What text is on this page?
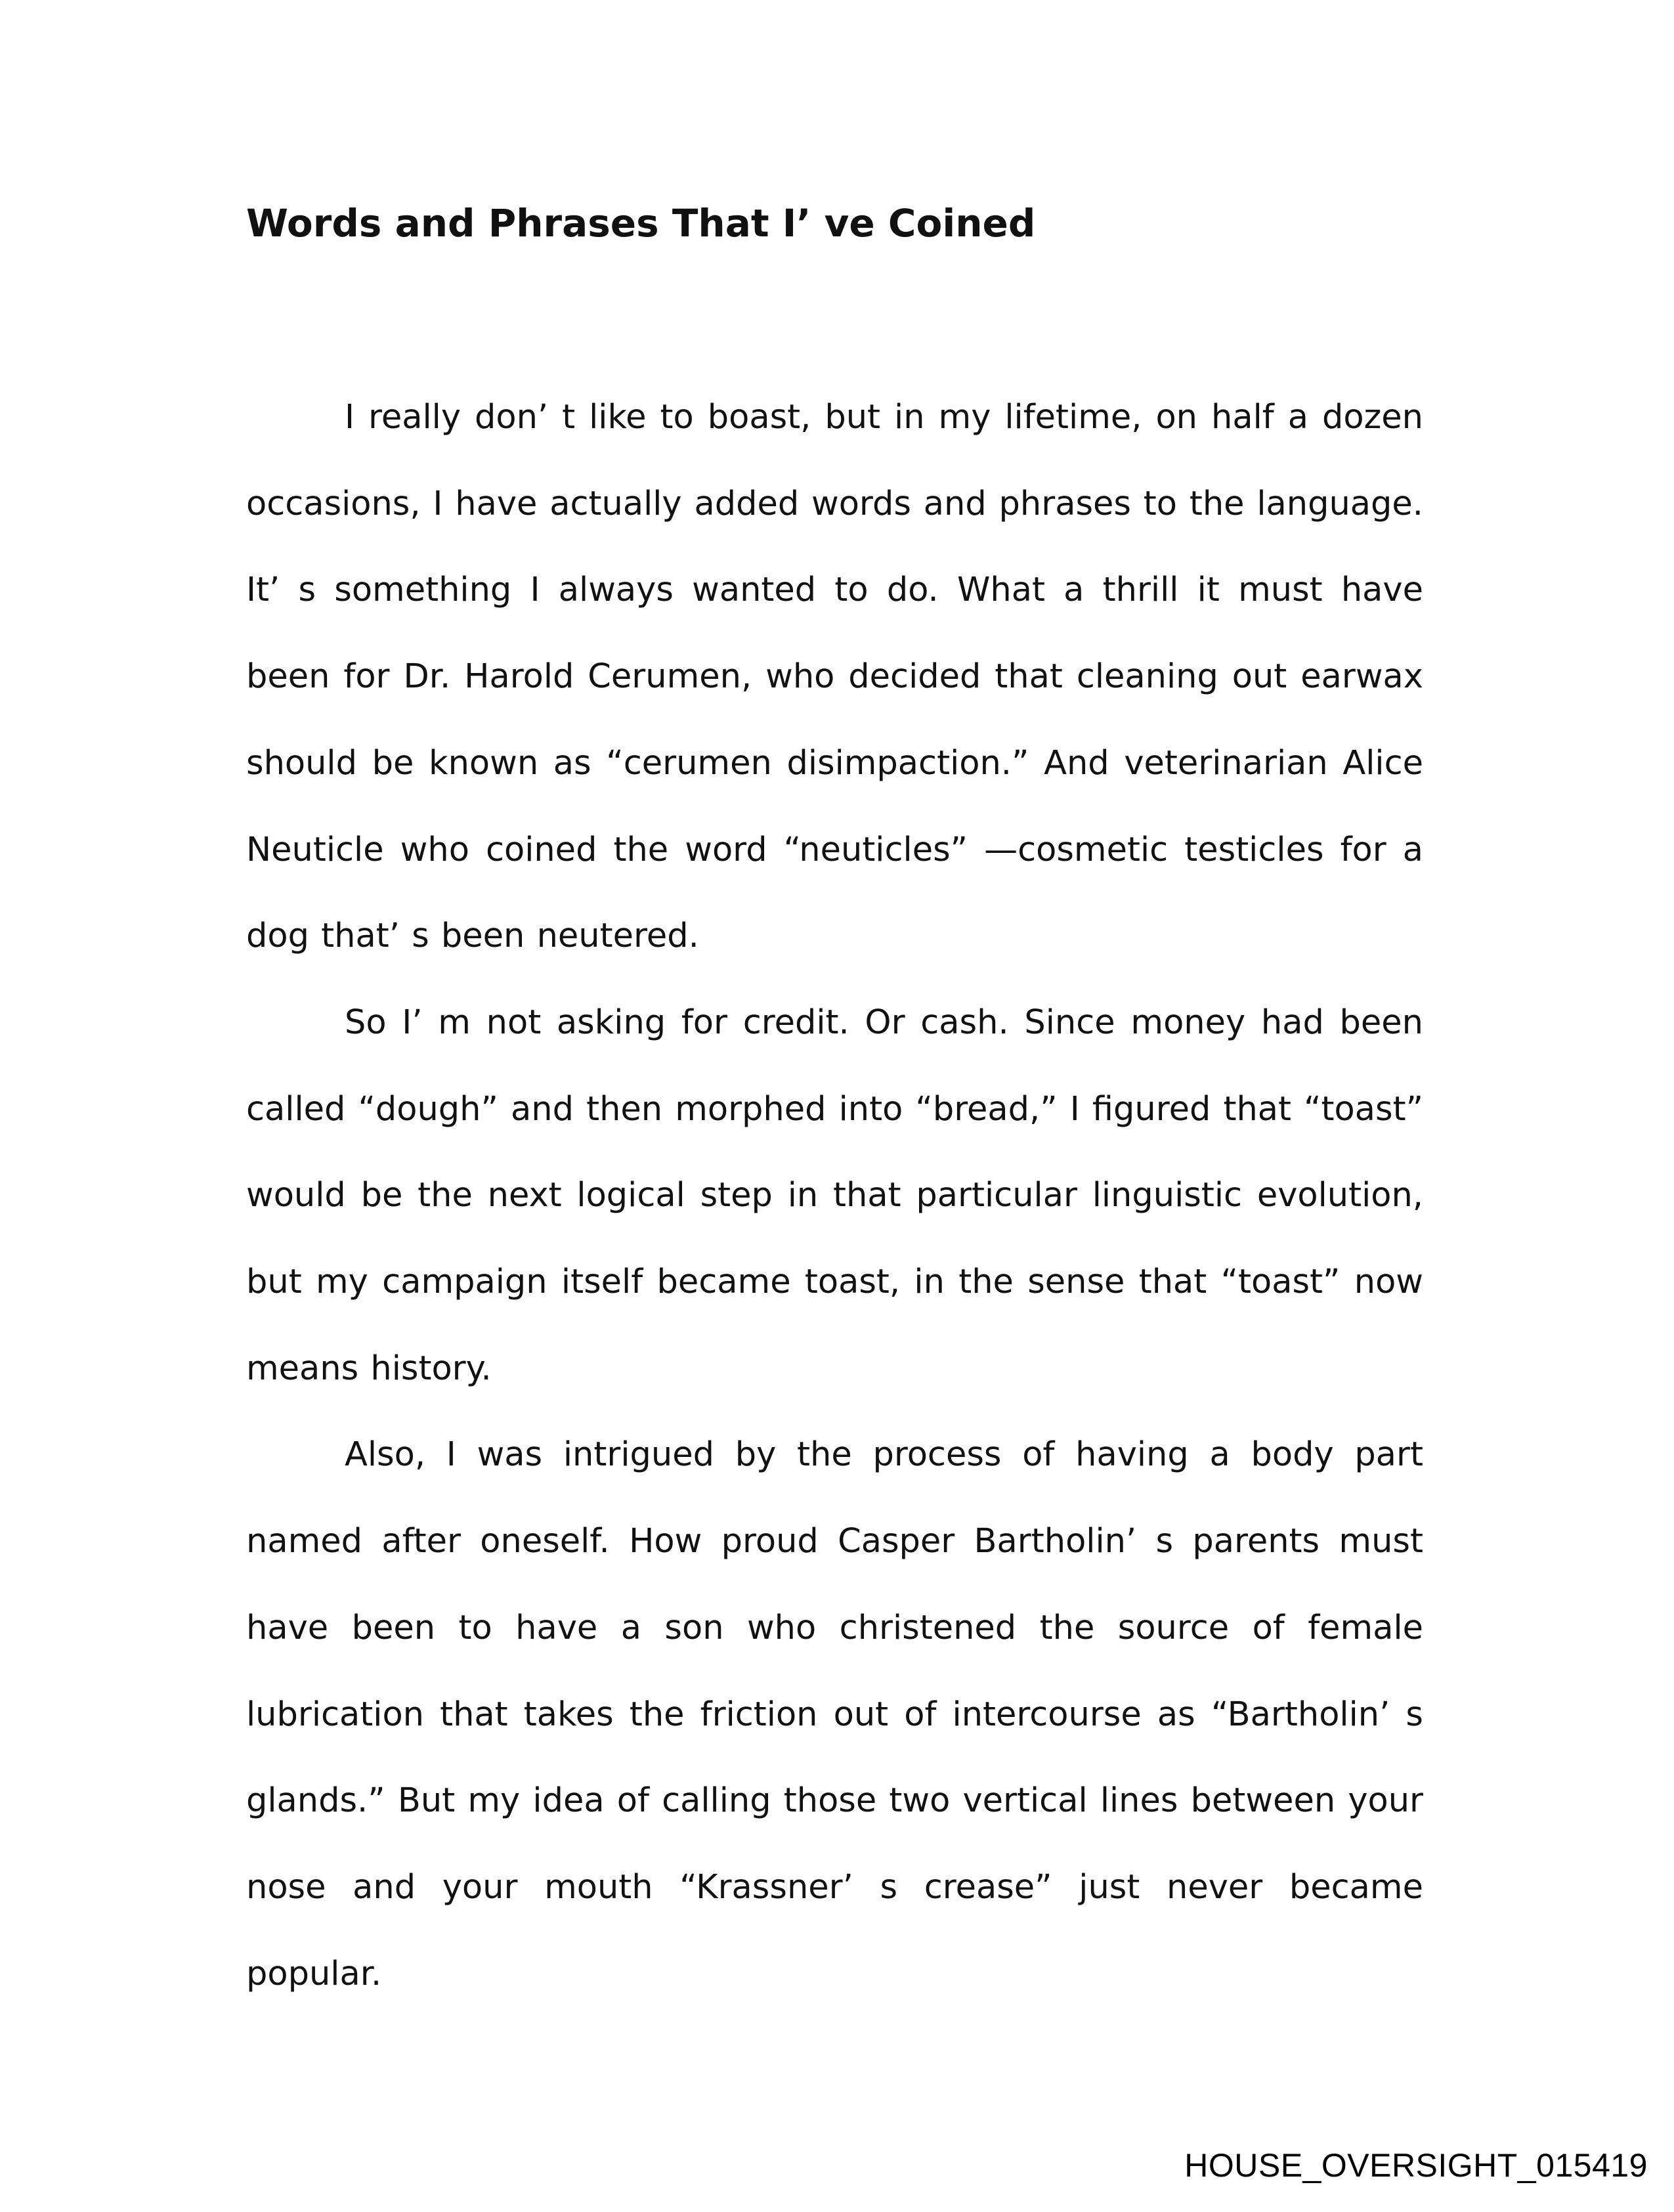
Words and Phrases That I’ ve Coined

I really don’ t like to boast, but in my lifetime, on half a dozen occasions, I have actually added words and phrases to the language. It’ s something I always wanted to do. What a thrill it must have been for Dr. Harold Cerumen, who decided that cleaning out earwax should be known as “cerumen disimpaction.” And veterinarian Alice Neuticle who coined the word “neuticles” —cosmetic testicles for a dog that’ s been neutered.

So I’ m not asking for credit. Or cash. Since money had been called “dough” and then morphed into “bread,” I figured that “toast” would be the next logical step in that particular linguistic evolution, but my campaign itself became toast, in the sense that “toast” now means history.

Also, I was intrigued by the process of having a body part named after oneself. How proud Casper Bartholin’ s parents must have been to have a son who christened the source of female lubrication that takes the friction out of intercourse as “Bartholin’ s glands.” But my idea of calling those two vertical lines between your nose and your mouth “Krassner’ s crease” just never became popular.

HOUSE_OVERSIGHT_015419
